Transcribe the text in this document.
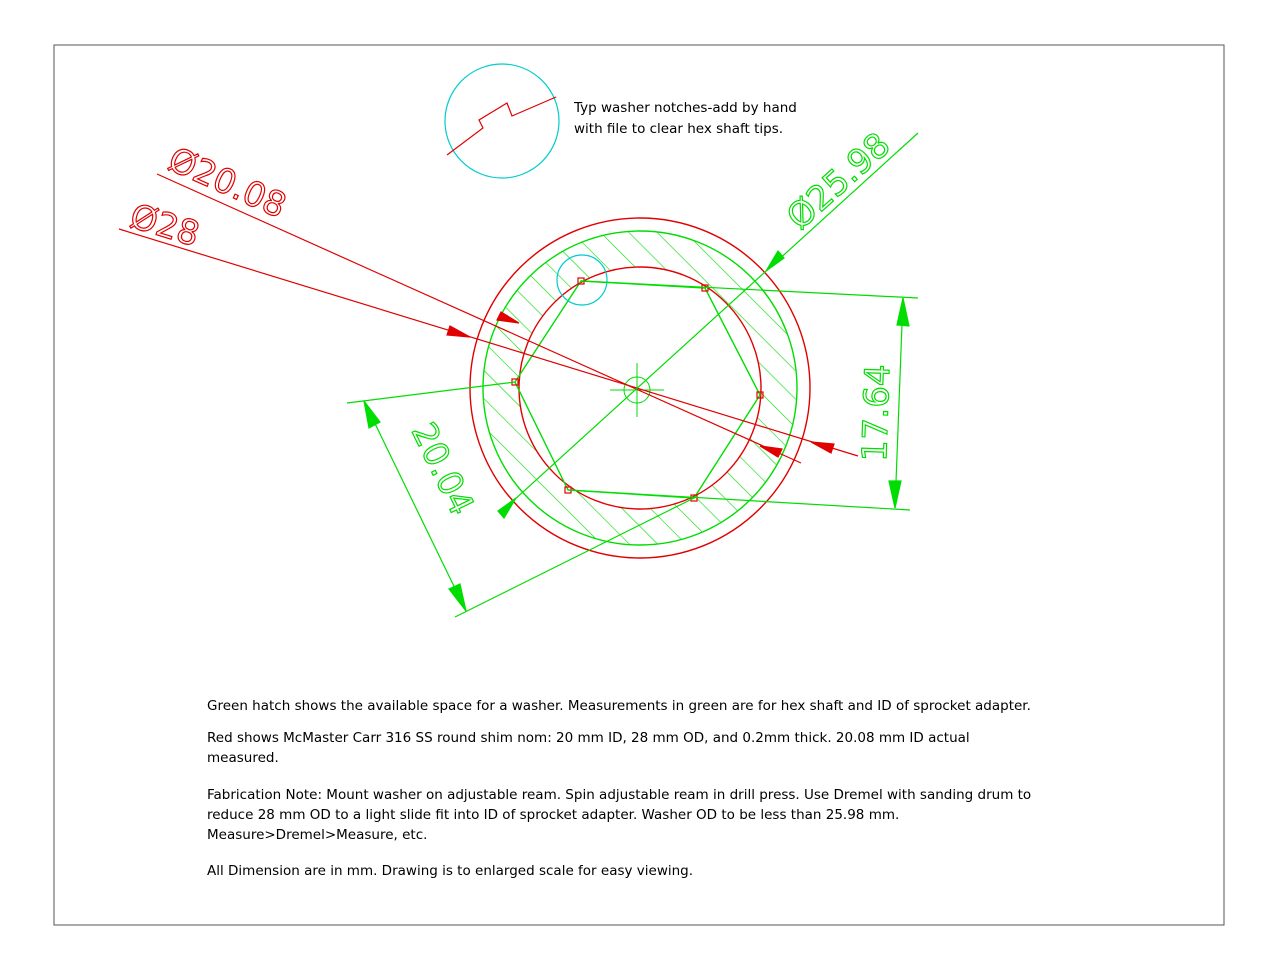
Typ washer notches-add by hand
with file to clear hex shaft tips.
Ø20.08
Ø28	Ø25.98
17.64
20.04
Green hatch shows the available space for a washer. Measurements in green are for hex shaft and ID of sprocket adapter.
Red shows McMaster Carr 316 SS round shim nom: 20 mm ID, 28 mm OD, and 0.2mm thick. 20.08 mm ID actual
measured.
Fabrication Note: Mount washer on adjustable ream. Spin adjustable ream in drill press. Use Dremel with sanding drum to
reduce 28 mm OD to a light slide fit into ID of sprocket adapter. Washer OD to be less than 25.98 mm.
Measure>Dremel>Measure, etc.
All Dimension are in mm. Drawing is to enlarged scale for easy viewing.
